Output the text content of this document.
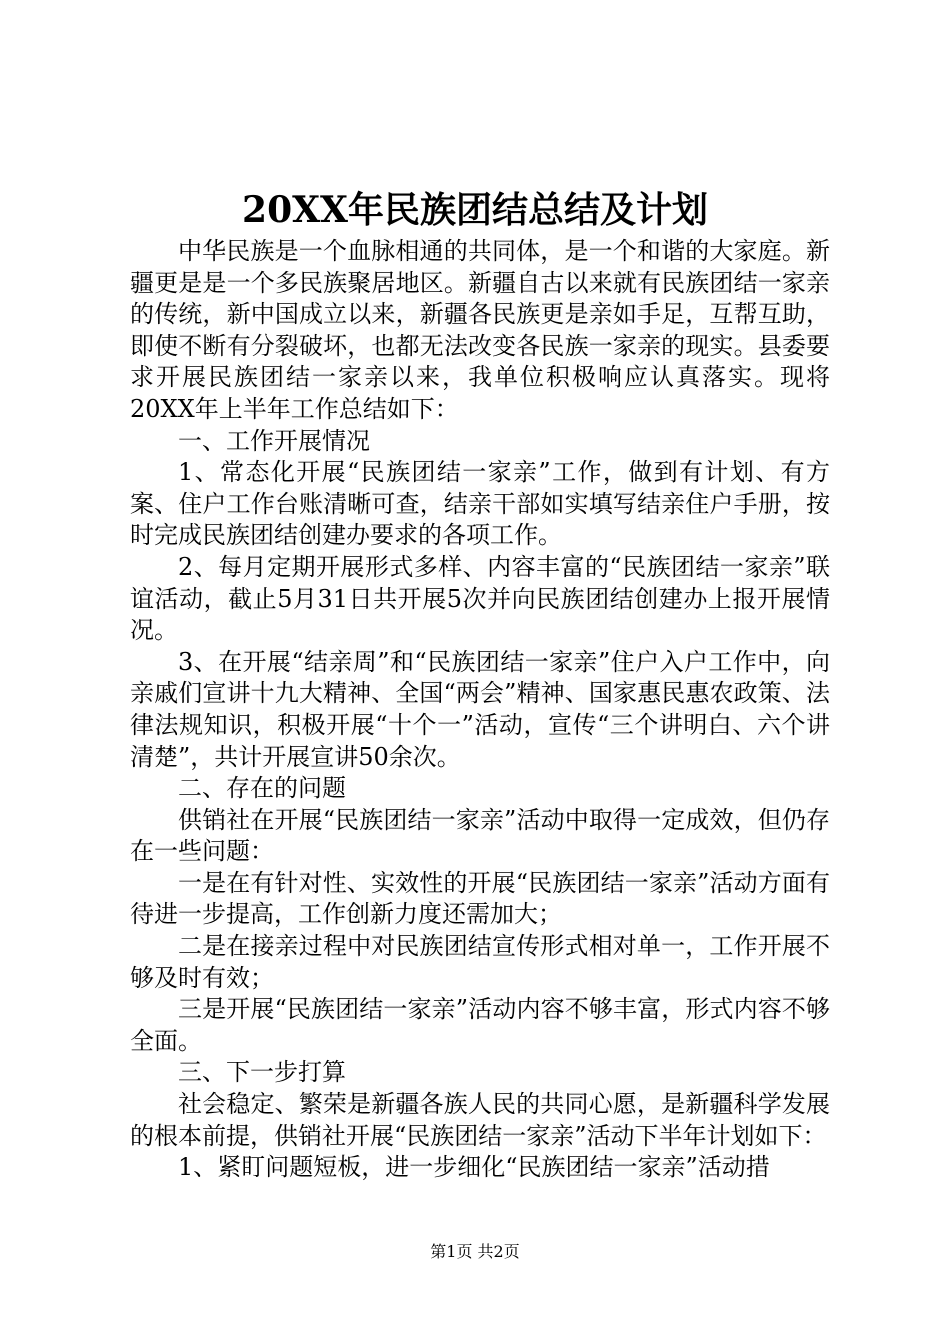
20XX年民族团结总结及计划

中华民族是一个血脉相通的共同体，是一个和谐的大家庭。新疆更是是一个多民族聚居地区。新疆自古以来就有民族团结一家亲的传统，新中国成立以来，新疆各民族更是亲如手足，互帮互助，即使不断有分裂破坏，也都无法改变各民族一家亲的现实。县委要求开展民族团结一家亲以来，我单位积极响应认真落实。现将20XX年上半年工作总结如下：

一、工作开展情况

1、常态化开展“民族团结一家亲”工作，做到有计划、有方案、住户工作台账清晰可查，结亲干部如实填写结亲住户手册，按时完成民族团结创建办要求的各项工作。

2、每月定期开展形式多样、内容丰富的“民族团结一家亲”联谊活动，截止5月31日共开展5次并向民族团结创建办上报开展情况。

3、在开展“结亲周”和“民族团结一家亲”住户入户工作中，向亲戚们宣讲十九大精神、全国“两会”精神、国家惠民惠农政策、法律法规知识，积极开展“十个一”活动，宣传“三个讲明白、六个讲清楚”，共计开展宣讲50余次。

二、存在的问题

供销社在开展“民族团结一家亲”活动中取得一定成效，但仍存在一些问题：

一是在有针对性、实效性的开展“民族团结一家亲”活动方面有待进一步提高，工作创新力度还需加大；

二是在接亲过程中对民族团结宣传形式相对单一，工作开展不够及时有效；

三是开展“民族团结一家亲”活动内容不够丰富，形式内容不够全面。

三、下一步打算

社会稳定、繁荣是新疆各族人民的共同心愿，是新疆科学发展的根本前提，供销社开展“民族团结一家亲”活动下半年计划如下：

1、紧盯问题短板，进一步细化“民族团结一家亲”活动措

第1页 共2页
